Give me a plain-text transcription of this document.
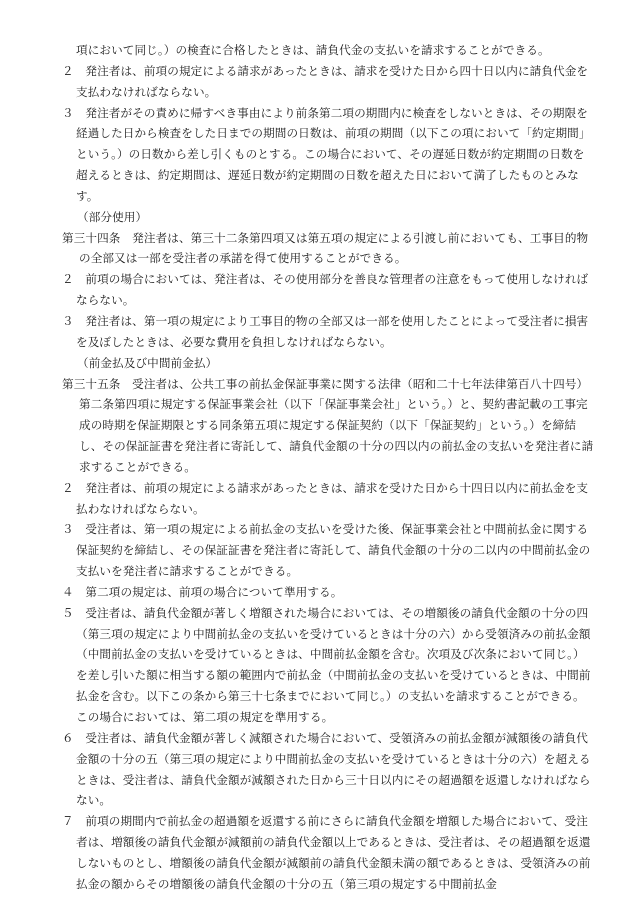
項において同じ。）の検査に合格したときは、請負代金の支払いを請求することができる。

２　発注者は、前項の規定による請求があったときは、請求を受けた日から四十日以内に請負代金を支払わなければならない。

３　発注者がその責めに帰すべき事由により前条第二項の期間内に検査をしないときは、その期限を経過した日から検査をした日までの期間の日数は、前項の期間（以下この項において「約定期間」という。）の日数から差し引くものとする。この場合において、その遅延日数が約定期間の日数を超えるときは、約定期間は、遅延日数が約定期間の日数を超えた日において満了したものとみなす。

（部分使用）

第三十四条　発注者は、第三十二条第四項又は第五項の規定による引渡し前においても、工事目的物の全部又は一部を受注者の承諾を得て使用することができる。

２　前項の場合においては、発注者は、その使用部分を善良な管理者の注意をもって使用しなければならない。

３　発注者は、第一項の規定により工事目的物の全部又は一部を使用したことによって受注者に損害を及ぼしたときは、必要な費用を負担しなければならない。

（前金払及び中間前金払）

第三十五条　受注者は、公共工事の前払金保証事業に関する法律（昭和二十七年法律第百八十四号）第二条第四項に規定する保証事業会社（以下「保証事業会社」という。）と、契約書記載の工事完成の時期を保証期限とする同条第五項に規定する保証契約（以下「保証契約」という。）を締結し、その保証証書を発注者に寄託して、請負代金額の十分の四以内の前払金の支払いを発注者に請求することができる。

２　発注者は、前項の規定による請求があったときは、請求を受けた日から十四日以内に前払金を支払わなければならない。

３　受注者は、第一項の規定による前払金の支払いを受けた後、保証事業会社と中間前払金に関する保証契約を締結し、その保証証書を発注者に寄託して、請負代金額の十分の二以内の中間前払金の支払いを発注者に請求することができる。

４　第二項の規定は、前項の場合について準用する。

５　受注者は、請負代金額が著しく増額された場合においては、その増額後の請負代金額の十分の四（第三項の規定により中間前払金の支払いを受けているときは十分の六）から受領済みの前払金額（中間前払金の支払いを受けているときは、中間前払金額を含む。次項及び次条において同じ。）を差し引いた額に相当する額の範囲内で前払金（中間前払金の支払いを受けているときは、中間前払金を含む。以下この条から第三十七条までにおいて同じ。）の支払いを請求することができる。この場合においては、第二項の規定を準用する。

６　受注者は、請負代金額が著しく減額された場合において、受領済みの前払金額が減額後の請負代金額の十分の五（第三項の規定により中間前払金の支払いを受けているときは十分の六）を超えるときは、受注者は、請負代金額が減額された日から三十日以内にその超過額を返還しなければならない。

７　前項の期間内で前払金の超過額を返還する前にさらに請負代金額を増額した場合において、受注者は、増額後の請負代金額が減額前の請負代金額以上であるときは、受注者は、その超過額を返還しないものとし、増額後の請負代金額が減額前の請負代金額未満の額であるときは、受領済みの前払金の額からその増額後の請負代金額の十分の五（第三項の規定する中間前払金
